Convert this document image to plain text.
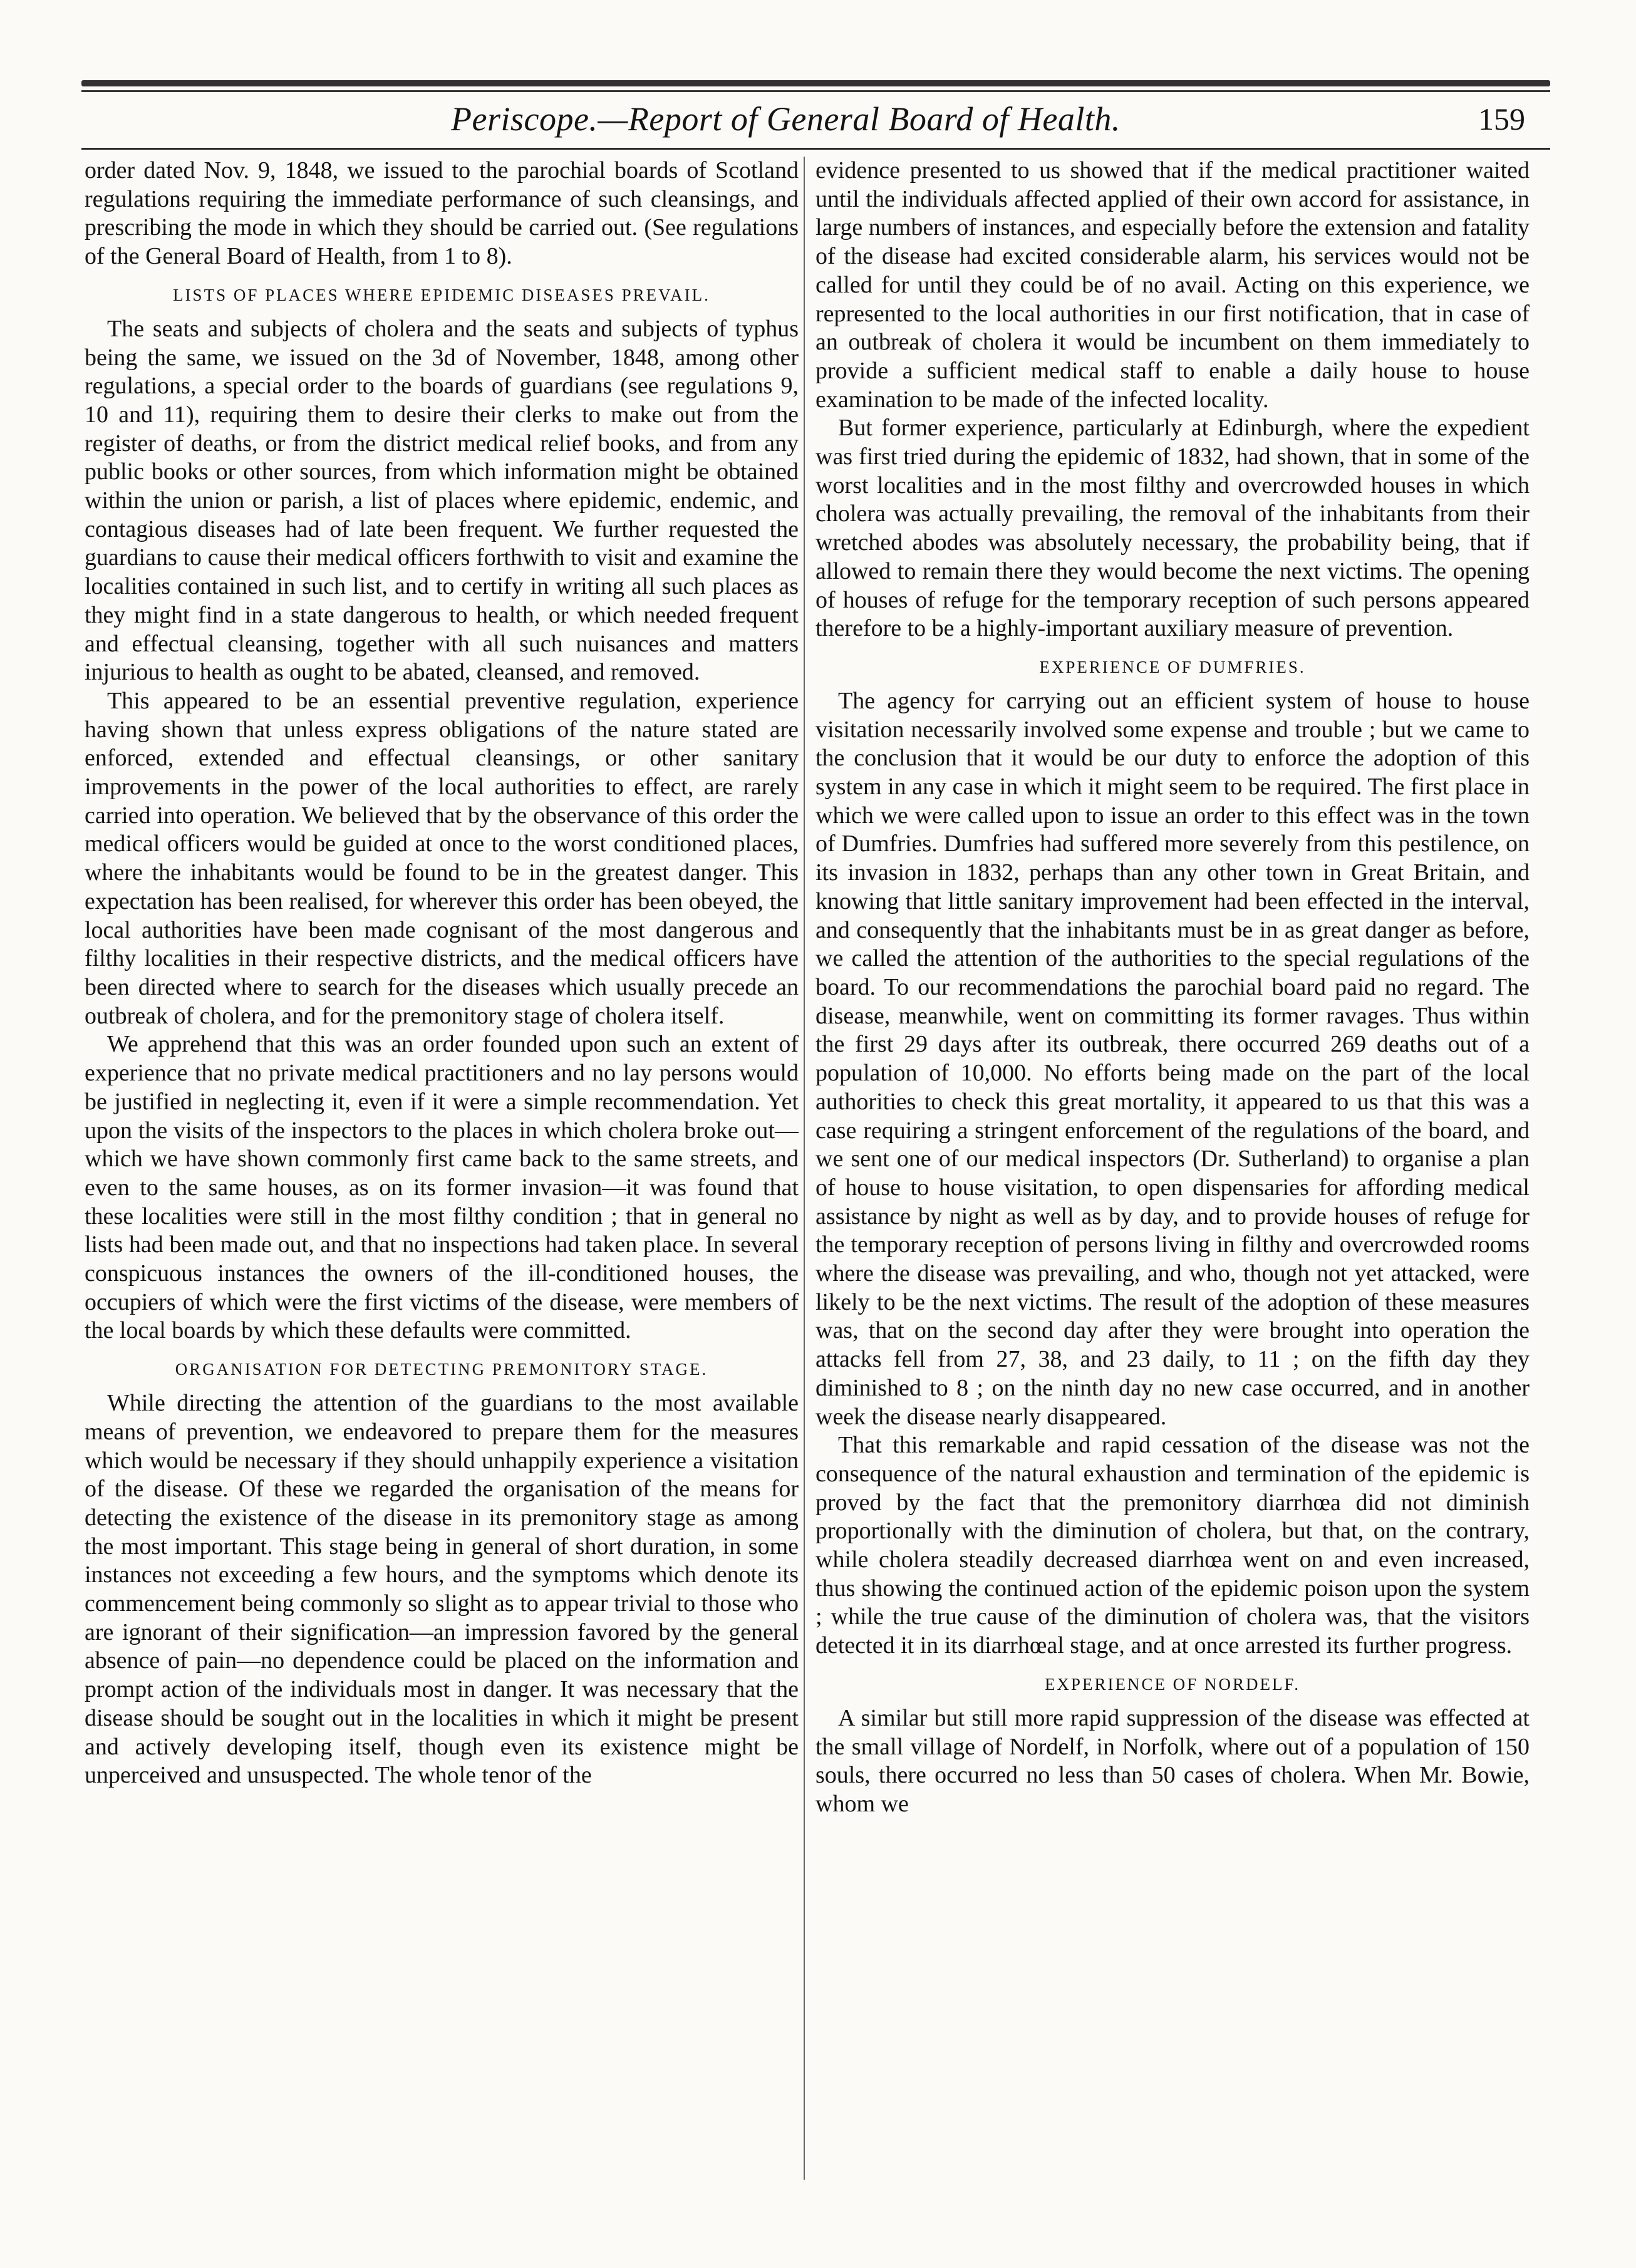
Periscope.—Report of General Board of Health.	159

order dated Nov. 9, 1848, we issued to the parochial boards of Scotland regulations requiring the immediate performance of such cleansings, and prescribing the mode in which they should be carried out. (See regulations of the General Board of Health, from 1 to 8).

LISTS OF PLACES WHERE EPIDEMIC DISEASES PREVAIL.

The seats and subjects of cholera and the seats and subjects of typhus being the same, we issued on the 3d of November, 1848, among other regulations, a special order to the boards of guardians (see regulations 9, 10 and 11), requiring them to desire their clerks to make out from the register of deaths, or from the district medical relief books, and from any public books or other sources, from which information might be obtained within the union or parish, a list of places where epidemic, endemic, and contagious diseases had of late been frequent. We further requested the guardians to cause their medical officers forthwith to visit and examine the localities contained in such list, and to certify in writing all such places as they might find in a state dangerous to health, or which needed frequent and effectual cleansing, together with all such nuisances and matters injurious to health as ought to be abated, cleansed, and removed.

This appeared to be an essential preventive regulation, experience having shown that unless express obligations of the nature stated are enforced, extended and effectual cleansings, or other sanitary improvements in the power of the local authorities to effect, are rarely carried into operation. We believed that by the observance of this order the medical officers would be guided at once to the worst conditioned places, where the inhabitants would be found to be in the greatest danger. This expectation has been realised, for wherever this order has been obeyed, the local authorities have been made cognisant of the most dangerous and filthy localities in their respective districts, and the medical officers have been directed where to search for the diseases which usually precede an outbreak of cholera, and for the premonitory stage of cholera itself.

We apprehend that this was an order founded upon such an extent of experience that no private medical practitioners and no lay persons would be justified in neglecting it, even if it were a simple recommendation. Yet upon the visits of the inspectors to the places in which cholera broke out—which we have shown commonly first came back to the same streets, and even to the same houses, as on its former invasion—it was found that these localities were still in the most filthy condition ; that in general no lists had been made out, and that no inspections had taken place. In several conspicuous instances the owners of the ill-conditioned houses, the occupiers of which were the first victims of the disease, were members of the local boards by which these defaults were committed.

ORGANISATION FOR DETECTING PREMONITORY STAGE.

While directing the attention of the guardians to the most available means of prevention, we endeavored to prepare them for the measures which would be necessary if they should unhappily experience a visitation of the disease. Of these we regarded the organisation of the means for detecting the existence of the disease in its premonitory stage as among the most important. This stage being in general of short duration, in some instances not exceeding a few hours, and the symptoms which denote its commencement being commonly so slight as to appear trivial to those who are ignorant of their signification—an impression favored by the general absence of pain—no dependence could be placed on the information and prompt action of the individuals most in danger. It was necessary that the disease should be sought out in the localities in which it might be present and actively developing itself, though even its existence might be unperceived and unsuspected. The whole tenor of the

evidence presented to us showed that if the medical practitioner waited until the individuals affected applied of their own accord for assistance, in large numbers of instances, and especially before the extension and fatality of the disease had excited considerable alarm, his services would not be called for until they could be of no avail. Acting on this experience, we represented to the local authorities in our first notification, that in case of an outbreak of cholera it would be incumbent on them immediately to provide a sufficient medical staff to enable a daily house to house examination to be made of the infected locality.

But former experience, particularly at Edinburgh, where the expedient was first tried during the epidemic of 1832, had shown, that in some of the worst localities and in the most filthy and overcrowded houses in which cholera was actually prevailing, the removal of the inhabitants from their wretched abodes was absolutely necessary, the probability being, that if allowed to remain there they would become the next victims. The opening of houses of refuge for the temporary reception of such persons appeared therefore to be a highly-important auxiliary measure of prevention.

EXPERIENCE OF DUMFRIES.

The agency for carrying out an efficient system of house to house visitation necessarily involved some expense and trouble ; but we came to the conclusion that it would be our duty to enforce the adoption of this system in any case in which it might seem to be required. The first place in which we were called upon to issue an order to this effect was in the town of Dumfries. Dumfries had suffered more severely from this pestilence, on its invasion in 1832, perhaps than any other town in Great Britain, and knowing that little sanitary improvement had been effected in the interval, and consequently that the inhabitants must be in as great danger as before, we called the attention of the authorities to the special regulations of the board. To our recommendations the parochial board paid no regard. The disease, meanwhile, went on committing its former ravages. Thus within the first 29 days after its outbreak, there occurred 269 deaths out of a population of 10,000. No efforts being made on the part of the local authorities to check this great mortality, it appeared to us that this was a case requiring a stringent enforcement of the regulations of the board, and we sent one of our medical inspectors (Dr. Sutherland) to organise a plan of house to house visitation, to open dispensaries for affording medical assistance by night as well as by day, and to provide houses of refuge for the temporary reception of persons living in filthy and overcrowded rooms where the disease was prevailing, and who, though not yet attacked, were likely to be the next victims. The result of the adoption of these measures was, that on the second day after they were brought into operation the attacks fell from 27, 38, and 23 daily, to 11 ; on the fifth day they diminished to 8 ; on the ninth day no new case occurred, and in another week the disease nearly disappeared.

That this remarkable and rapid cessation of the disease was not the consequence of the natural exhaustion and termination of the epidemic is proved by the fact that the premonitory diarrhœa did not diminish proportionally with the diminution of cholera, but that, on the contrary, while cholera steadily decreased diarrhœa went on and even increased, thus showing the continued action of the epidemic poison upon the system ; while the true cause of the diminution of cholera was, that the visitors detected it in its diarrhœal stage, and at once arrested its further progress.

EXPERIENCE OF NORDELF.

A similar but still more rapid suppression of the disease was effected at the small village of Nordelf, in Norfolk, where out of a population of 150 souls, there occurred no less than 50 cases of cholera. When Mr. Bowie, whom we
